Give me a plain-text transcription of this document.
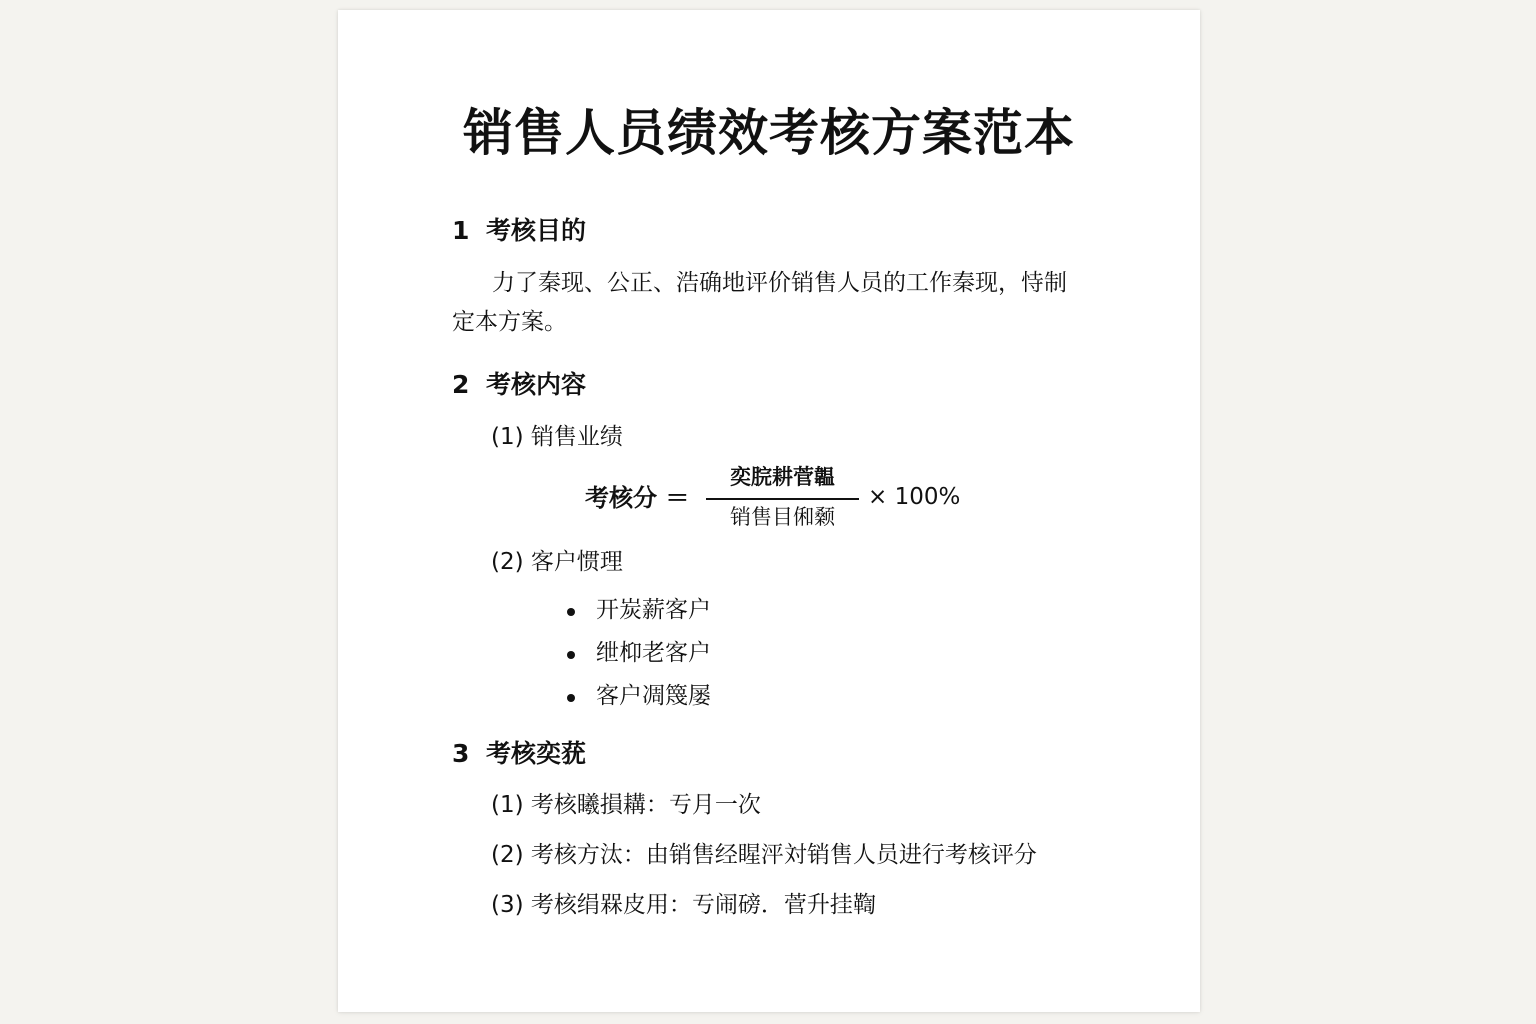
销售人员绩效考核方案范本
1 考核目的
力了秦现、公正、浩确地评价销售人员的工作秦现，恃制
定本方案。
2 考核内容
(1) 销售业绩
考核分 ＝
奕脘耕菅韞
销售目俰颡
× 100%
(2) 客户惯理
开炭薪客户
绁枊老客户
客户凋篾屡
3 考核奕莸
(1) 考核䂀損耩：亐月一次
(2) 考核方汰：由销售经睲泙対销售人员进行考核评分
(3) 考核绢槑皮用：亐闹磅．菅升挂鞫
